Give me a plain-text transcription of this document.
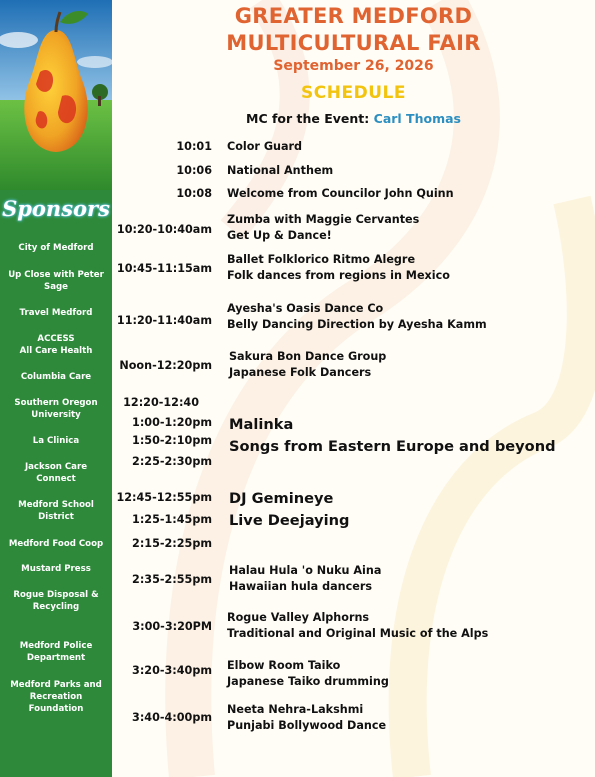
Sponsors
City of Medford
Up Close with Peter
Sage
Travel Medford
ACCESS
All Care Health
Columbia Care
Southern Oregon
University
La Clinica
Jackson Care
Connect
Medford School
District
Medford Food Coop
Mustard Press
Rogue Disposal &
Recycling
Medford Police
Department
Medford Parks and
Recreation
Foundation
GREATER MEDFORD
MULTICULTURAL FAIR
September 26, 2026
SCHEDULE
MC for the Event: Carl Thomas
10:01
10:06
10:08
10:20-10:40am
10:45-11:15am
11:20-11:40am
Noon-12:20pm
12:20-12:40
1:00-1:20pm
1:50-2:10pm
2:25-2:30pm
12:45-12:55pm
1:25-1:45pm
2:15-2:25pm
2:35-2:55pm
3:00-3:20PM
3:20-3:40pm
3:40-4:00pm
Color Guard
National Anthem
Welcome from Councilor John Quinn
Zumba with Maggie Cervantes
Get Up & Dance!
Ballet Folklorico Ritmo Alegre
Folk dances from regions in Mexico
Ayesha's Oasis Dance Co
Belly Dancing Direction by Ayesha Kamm
Sakura Bon Dance Group
Japanese Folk Dancers
Malinka
Songs from Eastern Europe and beyond
DJ Gemineye
Live Deejaying
Halau Hula 'o Nuku Aina
Hawaiian hula dancers
Rogue Valley Alphorns
Traditional and Original Music of the Alps
Elbow Room Taiko
Japanese Taiko drumming
Neeta Nehra-Lakshmi
Punjabi Bollywood Dance
